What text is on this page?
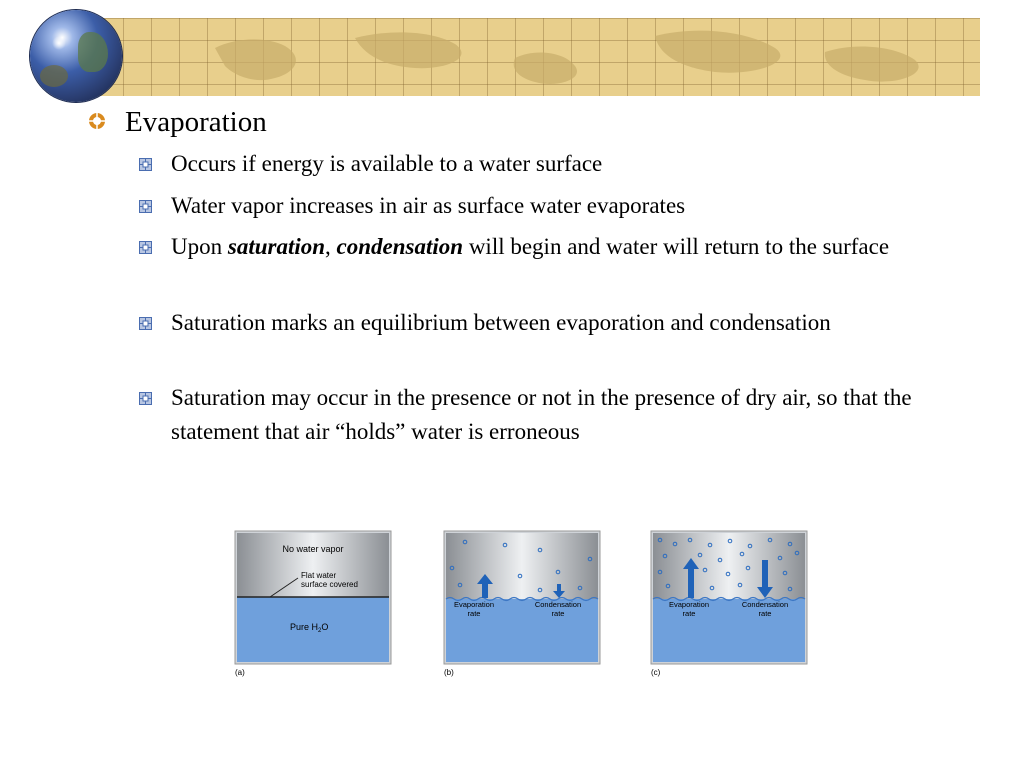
Evaporation
Occurs if energy is available to a water surface
Water vapor increases in air as surface water evaporates
Upon saturation, condensation will begin and water will return to the surface
Saturation marks an equilibrium between evaporation and condensation
Saturation may occur in the presence or not in the presence of dry air, so that the statement that air “holds” water is erroneous
No water vapor
Flat water
surface covered
Pure $H_2O$
(a)
Evaporation
rate
Condensation
rate
(b)
Evaporation
rate
Condensation
rate
(c)
